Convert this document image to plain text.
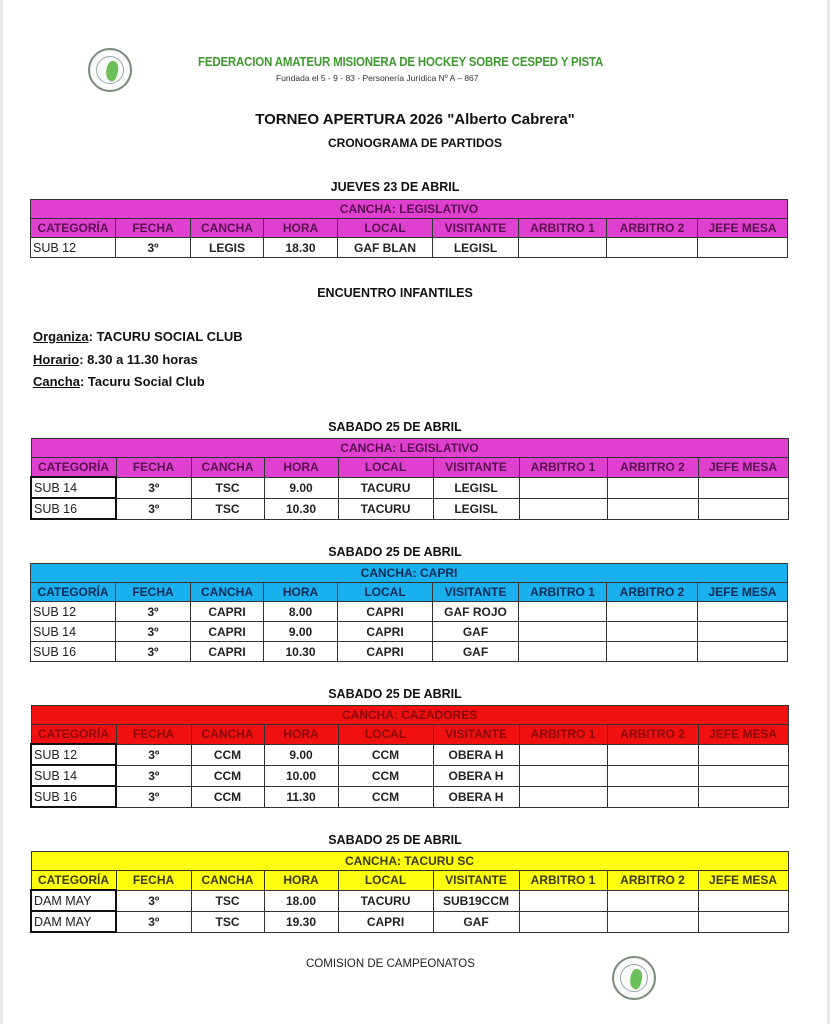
FEDERACION AMATEUR MISIONERA DE HOCKEY SOBRE CESPED Y PISTA
Fundada el 5 - 9 - 83 - Personería Jurídica Nº A – 867
TORNEO APERTURA 2026 "Alberto Cabrera"
CRONOGRAMA DE PARTIDOS
JUEVES 23 DE ABRIL
CANCHA: LEGISLATIVO								
CATEGORÍA	FECHA	CANCHA	HORA	LOCAL	VISITANTE	ARBITRO 1	ARBITRO 2	JEFE MESA
SUB 12	3º	LEGIS	18.30	GAF BLAN	LEGISL			
SABADO 25 DE ABRIL
CANCHA: LEGISLATIVO								
CATEGORÍA	FECHA	CANCHA	HORA	LOCAL	VISITANTE	ARBITRO 1	ARBITRO 2	JEFE MESA
SUB 14	3º	TSC	9.00	TACURU	LEGISL			
SUB 16	3º	TSC	10.30	TACURU	LEGISL			
SABADO 25 DE ABRIL
CANCHA: CAPRI								
CATEGORÍA	FECHA	CANCHA	HORA	LOCAL	VISITANTE	ARBITRO 1	ARBITRO 2	JEFE MESA
SUB 12	3º	CAPRI	8.00	CAPRI	GAF ROJO			
SUB 14	3º	CAPRI	9.00	CAPRI	GAF			
SUB 16	3º	CAPRI	10.30	CAPRI	GAF			
SABADO 25 DE ABRIL
CANCHA: CAZADORES								
CATEGORÍA	FECHA	CANCHA	HORA	LOCAL	VISITANTE	ARBITRO 1	ARBITRO 2	JEFE MESA
SUB 12	3º	CCM	9.00	CCM	OBERA H			
SUB 14	3º	CCM	10.00	CCM	OBERA H			
SUB 16	3º	CCM	11.30	CCM	OBERA H			
SABADO 25 DE ABRIL
CANCHA: TACURU SC								
CATEGORÍA	FECHA	CANCHA	HORA	LOCAL	VISITANTE	ARBITRO 1	ARBITRO 2	JEFE MESA
DAM MAY	3º	TSC	18.00	TACURU	SUB19CCM			
DAM MAY	3º	TSC	19.30	CAPRI	GAF			
ENCUENTRO INFANTILES
Organiza: TACURU SOCIAL CLUB
Horario: 8.30 a 11.30 horas
Cancha: Tacuru Social Club
COMISION DE CAMPEONATOS
